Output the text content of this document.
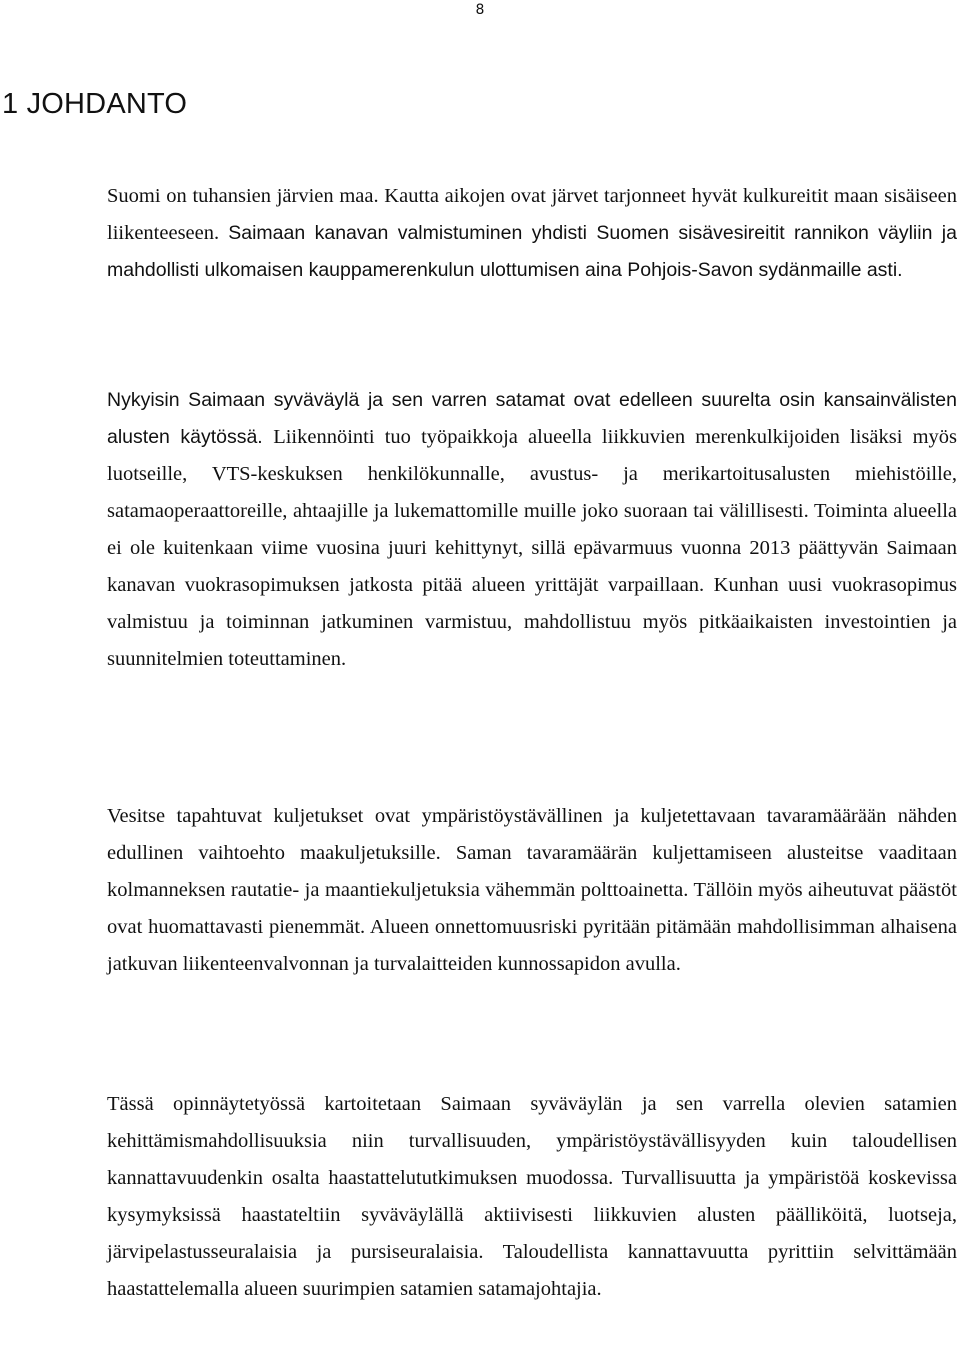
8
1 JOHDANTO

Suomi on tuhansien järvien maa. Kautta aikojen ovat järvet tarjonneet hyvät kulkureitit maan sisäiseen liikenteeseen. Saimaan kanavan valmistuminen yhdisti Suomen sisävesireitit rannikon väyliin ja mahdollisti ulkomaisen kauppamerenkulun ulottumisen aina Pohjois-Savon sydänmaille asti.

Nykyisin Saimaan syväväylä ja sen varren satamat ovat edelleen suurelta osin kansainvälisten alusten käytössä. Liikennöinti tuo työpaikkoja alueella liikkuvien merenkulkijoiden lisäksi myös luotseille, VTS-keskuksen henkilökunnalle, avustus- ja merikartoitusalusten miehistöille, satamaoperaattoreille, ahtaajille ja lukemattomille muille joko suoraan tai välillisesti. Toiminta alueella ei ole kuitenkaan viime vuosina juuri kehittynyt, sillä epävarmuus vuonna 2013 päättyvän Saimaan kanavan vuokrasopimuksen jatkosta pitää alueen yrittäjät varpaillaan. Kunhan uusi vuokrasopimus valmistuu ja toiminnan jatkuminen varmistuu, mahdollistuu myös pitkäaikaisten investointien ja suunnitelmien toteuttaminen.

Vesitse tapahtuvat kuljetukset ovat ympäristöystävällinen ja kuljetettavaan tavaramäärään nähden edullinen vaihtoehto maakuljetuksille. Saman tavaramäärän kuljettamiseen alusteitse vaaditaan kolmanneksen rautatie- ja maantiekuljetuksia vähemmän polttoainetta. Tällöin myös aiheutuvat päästöt ovat huomattavasti pienemmät. Alueen onnettomuusriski pyritään pitämään mahdollisimman alhaisena jatkuvan liikenteenvalvonnan ja turvalaitteiden kunnossapidon avulla.

Tässä opinnäytetyössä kartoitetaan Saimaan syväväylän ja sen varrella olevien satamien kehittämismahdollisuuksia niin turvallisuuden, ympäristöystävällisyyden kuin taloudellisen kannattavuudenkin osalta haastattelututkimuksen muodossa. Turvallisuutta ja ympäristöä koskevissa kysymyksissä haastateltiin syväväylällä aktiivisesti liikkuvien alusten päälliköitä, luotseja, järvipelastusseuralaisia ja pursiseuralaisia. Taloudellista kannattavuutta pyrittiin selvittämään haastattelemalla alueen suurimpien satamien satamajohtajia.
